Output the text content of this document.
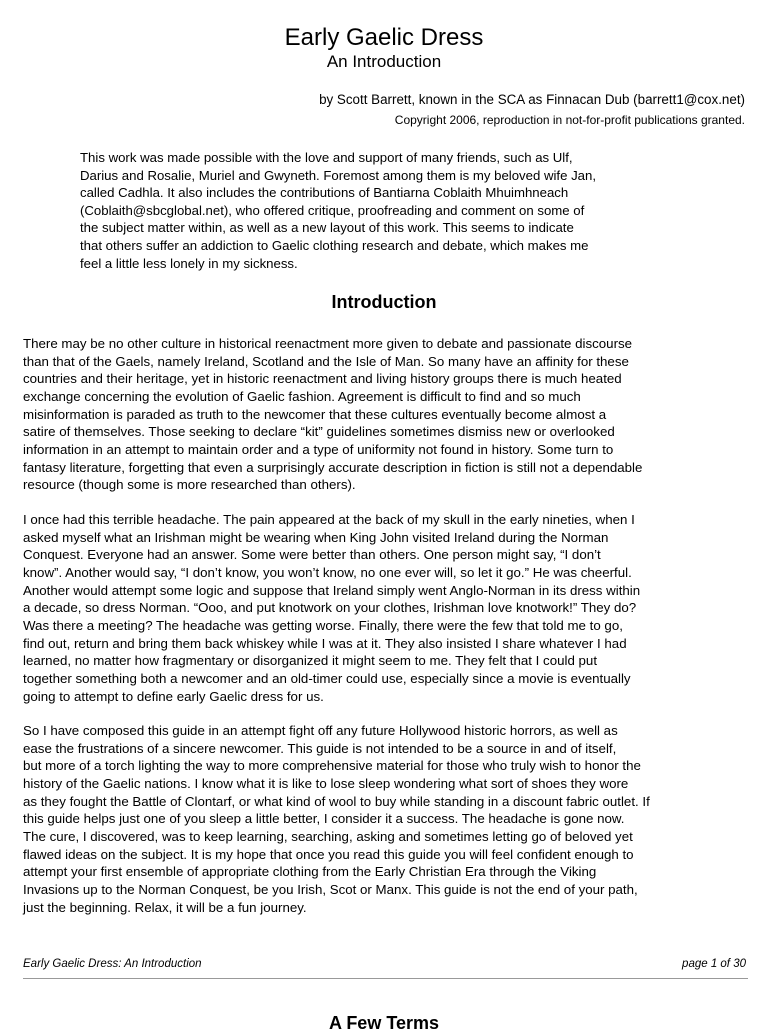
Early Gaelic Dress
An Introduction
by Scott Barrett, known in the SCA as Finnacan Dub (barrett1@cox.net)
Copyright 2006, reproduction in not-for-profit publications granted.

This work was made possible with the love and support of many friends, such as Ulf,
Darius and Rosalie, Muriel and Gwyneth. Foremost among them is my beloved wife Jan,
called Cadhla. It also includes the contributions of Bantiarna Coblaith Mhuimhneach
(Coblaith@sbcglobal.net), who offered critique, proofreading and comment on some of
the subject matter within, as well as a new layout of this work. This seems to indicate
that others suffer an addiction to Gaelic clothing research and debate, which makes me
feel a little less lonely in my sickness.

Introduction

There may be no other culture in historical reenactment more given to debate and passionate discourse
than that of the Gaels, namely Ireland, Scotland and the Isle of Man. So many have an affinity for these
countries and their heritage, yet in historic reenactment and living history groups there is much heated
exchange concerning the evolution of Gaelic fashion. Agreement is difficult to find and so much
misinformation is paraded as truth to the newcomer that these cultures eventually become almost a
satire of themselves. Those seeking to declare “kit” guidelines sometimes dismiss new or overlooked
information in an attempt to maintain order and a type of uniformity not found in history. Some turn to
fantasy literature, forgetting that even a surprisingly accurate description in fiction is still not a dependable
resource (though some is more researched than others).

I once had this terrible headache. The pain appeared at the back of my skull in the early nineties, when I
asked myself what an Irishman might be wearing when King John visited Ireland during the Norman
Conquest. Everyone had an answer. Some were better than others. One person might say, “I don’t
know”. Another would say, “I don’t know, you won’t know, no one ever will, so let it go.” He was cheerful.
Another would attempt some logic and suppose that Ireland simply went Anglo-Norman in its dress within
a decade, so dress Norman. “Ooo, and put knotwork on your clothes, Irishman love knotwork!” They do?
Was there a meeting? The headache was getting worse. Finally, there were the few that told me to go,
find out, return and bring them back whiskey while I was at it. They also insisted I share whatever I had
learned, no matter how fragmentary or disorganized it might seem to me. They felt that I could put
together something both a newcomer and an old-timer could use, especially since a movie is eventually
going to attempt to define early Gaelic dress for us.

So I have composed this guide in an attempt fight off any future Hollywood historic horrors, as well as
ease the frustrations of a sincere newcomer. This guide is not intended to be a source in and of itself,
but more of a torch lighting the way to more comprehensive material for those who truly wish to honor the
history of the Gaelic nations. I know what it is like to lose sleep wondering what sort of shoes they wore
as they fought the Battle of Clontarf, or what kind of wool to buy while standing in a discount fabric outlet. If
this guide helps just one of you sleep a little better, I consider it a success. The headache is gone now.
The cure, I discovered, was to keep learning, searching, asking and sometimes letting go of beloved yet
flawed ideas on the subject. It is my hope that once you read this guide you will feel confident enough to
attempt your first ensemble of appropriate clothing from the Early Christian Era through the Viking
Invasions up to the Norman Conquest, be you Irish, Scot or Manx. This guide is not the end of your path,
just the beginning. Relax, it will be a fun journey.

Early Gaelic Dress: An Introduction	page 1 of 30
A Few Terms
